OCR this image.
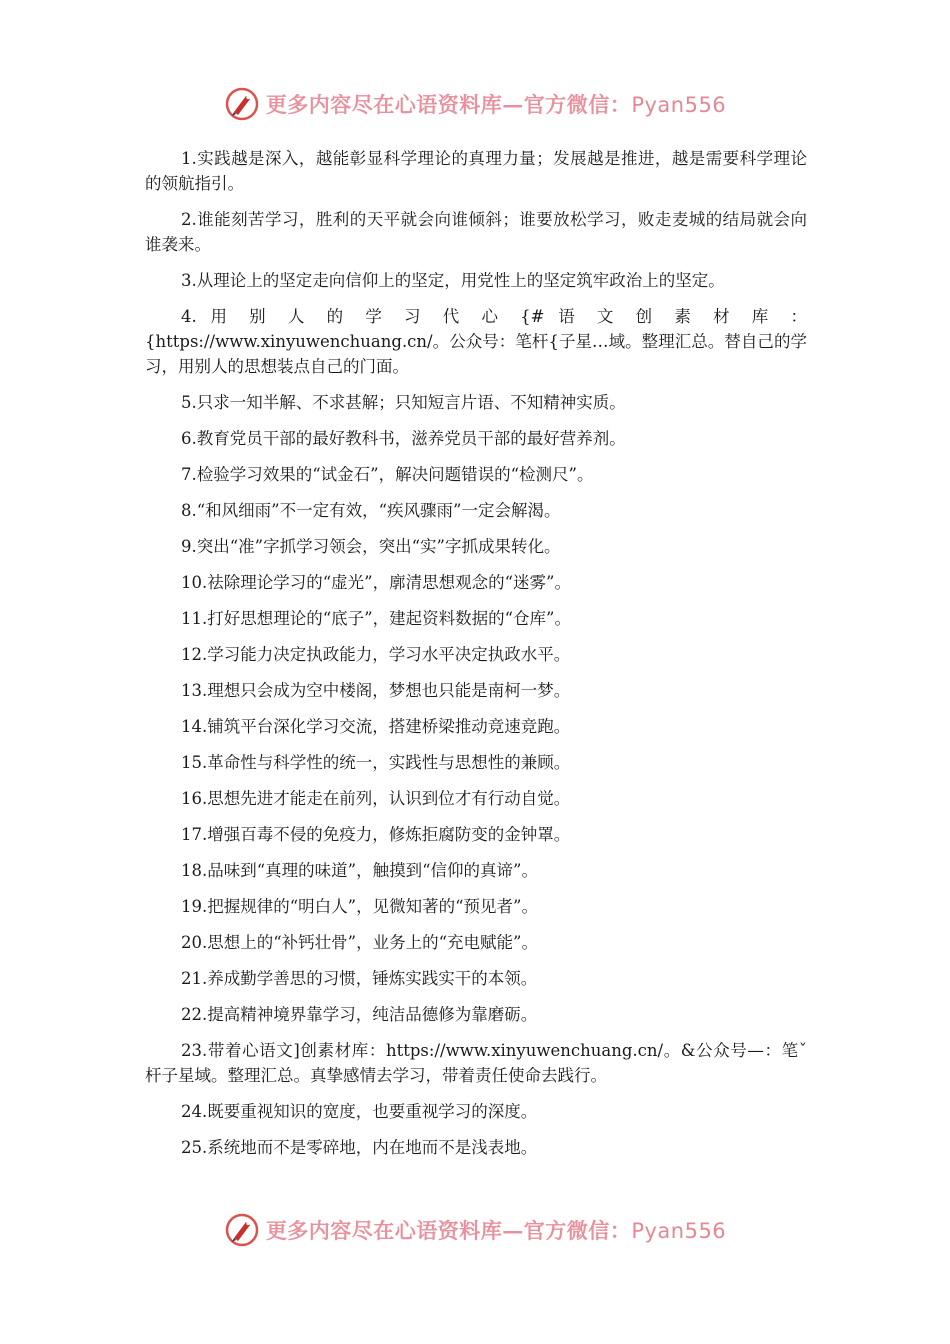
更多内容尽在心语资料库—官方微信：Pyan556

1.实践越是深入，越能彰显科学理论的真理力量；发展越是推进，越是需要科学理论的领航指引。

2.谁能刻苦学习，胜利的天平就会向谁倾斜；谁要放松学习，败走麦城的结局就会向谁袭来。

3.从理论上的坚定走向信仰上的坚定，用党性上的坚定筑牢政治上的坚定。

4. 用 别 人 的 学 习 代 心 {# 语 文 创 素 材 库 ： {https://www.xinyuwenchuang.cn/。公众号：笔杆{子星…域。整理汇总。替自己的学习，用别人的思想装点自己的门面。

5.只求一知半解、不求甚解；只知短言片语、不知精神实质。

6.教育党员干部的最好教科书，滋养党员干部的最好营养剂。

7.检验学习效果的“试金石”，解决问题错误的“检测尺”。

8.“和风细雨”不一定有效，“疾风骤雨”一定会解渴。

9.突出“准”字抓学习领会，突出“实”字抓成果转化。

10.祛除理论学习的“虚光”，廓清思想观念的“迷雾”。

11.打好思想理论的“底子”，建起资料数据的“仓库”。

12.学习能力决定执政能力，学习水平决定执政水平。

13.理想只会成为空中楼阁，梦想也只能是南柯一梦。

14.铺筑平台深化学习交流，搭建桥梁推动竞速竞跑。

15.革命性与科学性的统一，实践性与思想性的兼顾。

16.思想先进才能走在前列，认识到位才有行动自觉。

17.增强百毒不侵的免疫力，修炼拒腐防变的金钟罩。

18.品味到“真理的味道”，触摸到“信仰的真谛”。

19.把握规律的“明白人”，见微知著的“预见者”。

20.思想上的“补钙壮骨”，业务上的“充电赋能”。

21.养成勤学善思的习惯，锤炼实践实干的本领。

22.提高精神境界靠学习，纯洁品德修为靠磨砺。

23.带着心语文]创素材库：https://www.xinyuwenchuang.cn/。&公众号—：笔ˇ杆子星域。整理汇总。真挚感情去学习，带着责任使命去践行。

24.既要重视知识的宽度，也要重视学习的深度。

25.系统地而不是零碎地，内在地而不是浅表地。

更多内容尽在心语资料库—官方微信：Pyan556
